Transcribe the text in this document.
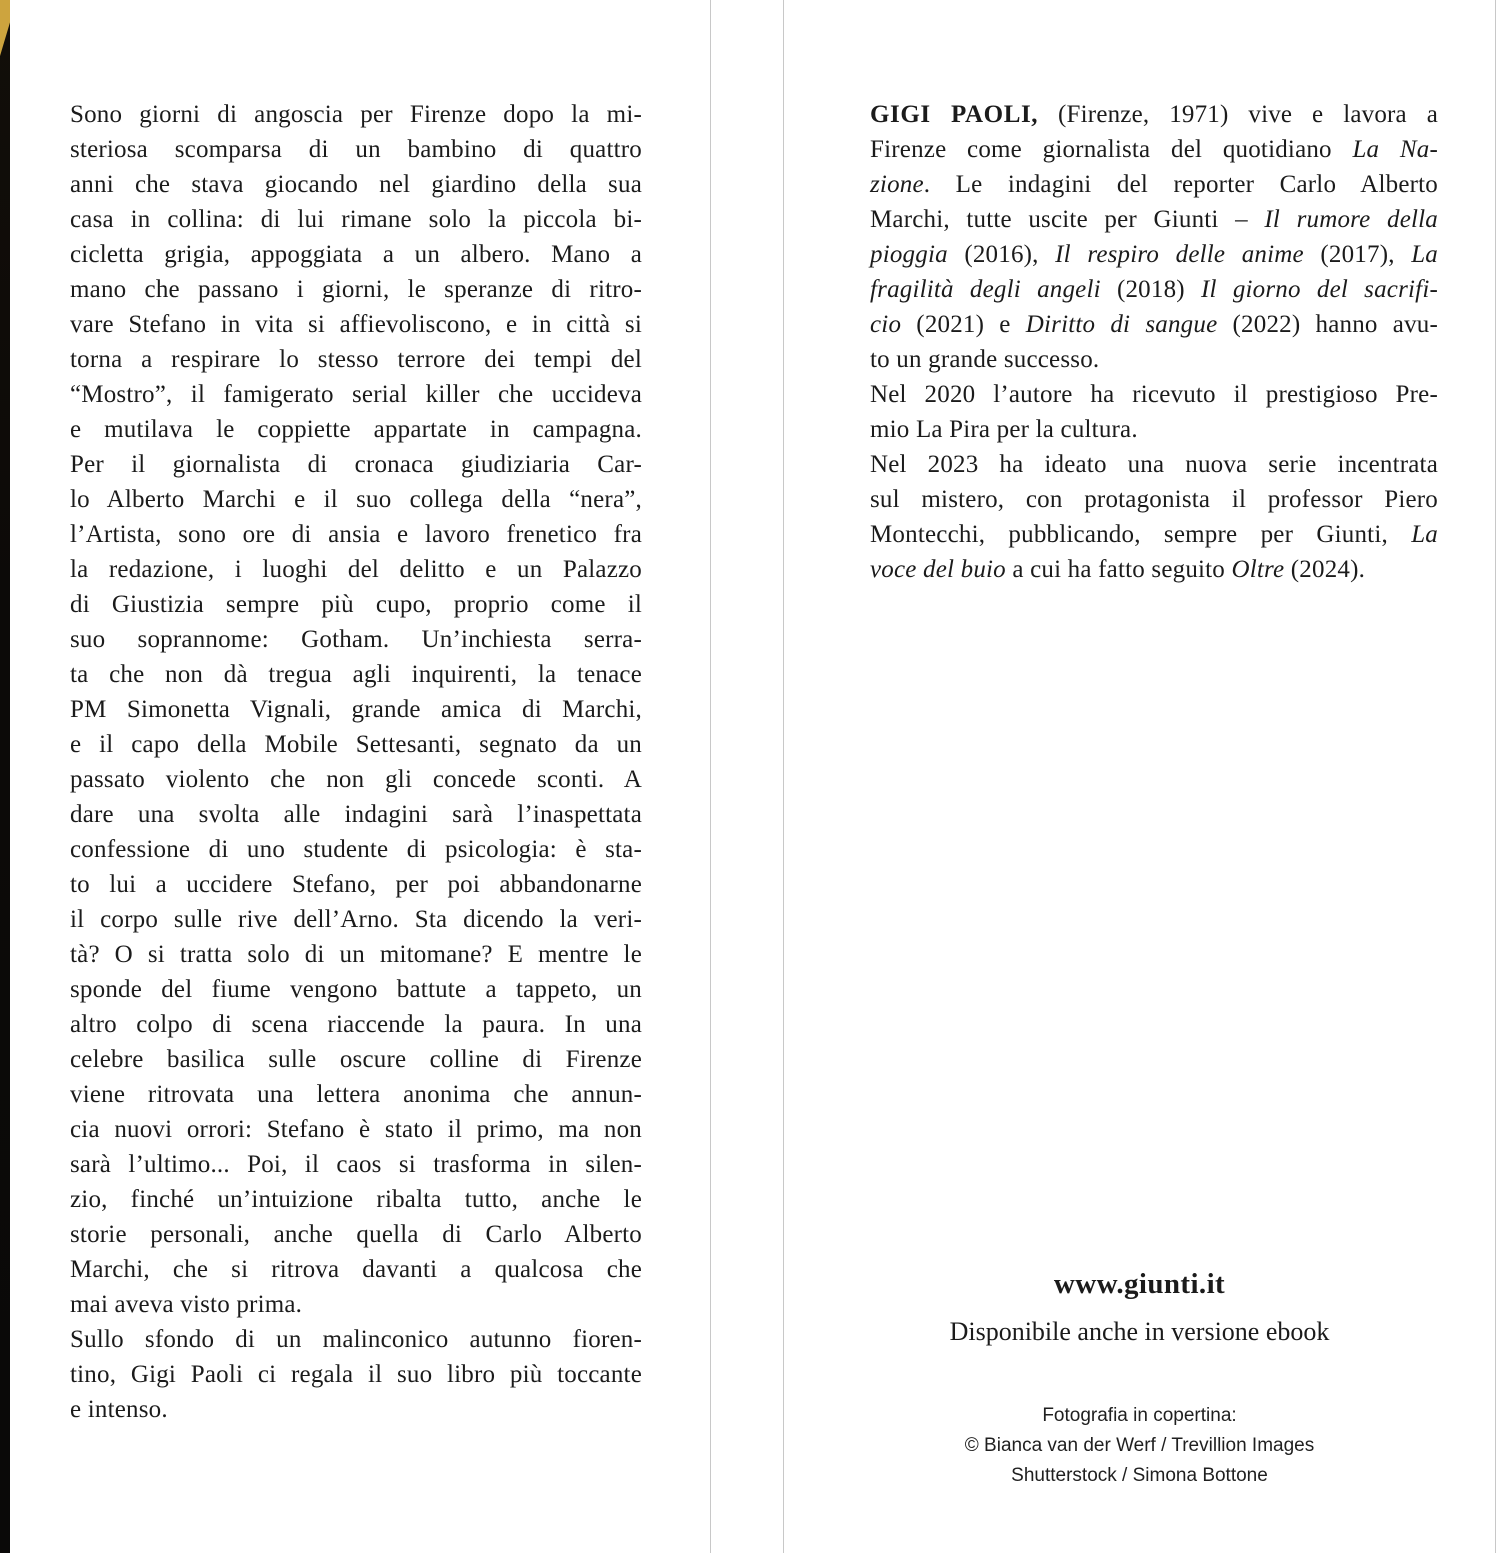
Sono giorni di angoscia per Firenze dopo la mi-
steriosa scomparsa di un bambino di quattro
anni che stava giocando nel giardino della sua
casa in collina: di lui rimane solo la piccola bi-
cicletta grigia, appoggiata a un albero. Mano a
mano che passano i giorni, le speranze di ritro-
vare Stefano in vita si affievoliscono, e in città si
torna a respirare lo stesso terrore dei tempi del
“Mostro”, il famigerato serial killer che uccideva
e mutilava le coppiette appartate in campagna.
Per il giornalista di cronaca giudiziaria Car-
lo Alberto Marchi e il suo collega della “nera”,
l’Artista, sono ore di ansia e lavoro frenetico fra
la redazione, i luoghi del delitto e un Palazzo
di Giustizia sempre più cupo, proprio come il
suo soprannome: Gotham. Un’inchiesta serra-
ta che non dà tregua agli inquirenti, la tenace
PM Simonetta Vignali, grande amica di Marchi,
e il capo della Mobile Settesanti, segnato da un
passato violento che non gli concede sconti. A
dare una svolta alle indagini sarà l’inaspettata
confessione di uno studente di psicologia: è sta-
to lui a uccidere Stefano, per poi abbandonarne
il corpo sulle rive dell’Arno. Sta dicendo la veri-
tà? O si tratta solo di un mitomane? E mentre le
sponde del fiume vengono battute a tappeto, un
altro colpo di scena riaccende la paura. In una
celebre basilica sulle oscure colline di Firenze
viene ritrovata una lettera anonima che annun-
cia nuovi orrori: Stefano è stato il primo, ma non
sarà l’ultimo... Poi, il caos si trasforma in silen-
zio, finché un’intuizione ribalta tutto, anche le
storie personali, anche quella di Carlo Alberto
Marchi, che si ritrova davanti a qualcosa che
mai aveva visto prima.
Sullo sfondo di un malinconico autunno fioren-
tino, Gigi Paoli ci regala il suo libro più toccante
e intenso.
GIGI PAOLI, (Firenze, 1971) vive e lavora a
Firenze come giornalista del quotidiano La Na-
zione. Le indagini del reporter Carlo Alberto
Marchi, tutte uscite per Giunti – Il rumore della
pioggia (2016), Il respiro delle anime (2017), La
fragilità degli angeli (2018) Il giorno del sacrifi-
cio (2021) e Diritto di sangue (2022) hanno avu-
to un grande successo.
Nel 2020 l’autore ha ricevuto il prestigioso Pre-
mio La Pira per la cultura.
Nel 2023 ha ideato una nuova serie incentrata
sul mistero, con protagonista il professor Piero
Montecchi, pubblicando, sempre per Giunti, La
voce del buio a cui ha fatto seguito Oltre (2024).
www.giunti.it
Disponibile anche in versione ebook
Fotografia in copertina:
© Bianca van der Werf / Trevillion Images
Shutterstock / Simona Bottone
